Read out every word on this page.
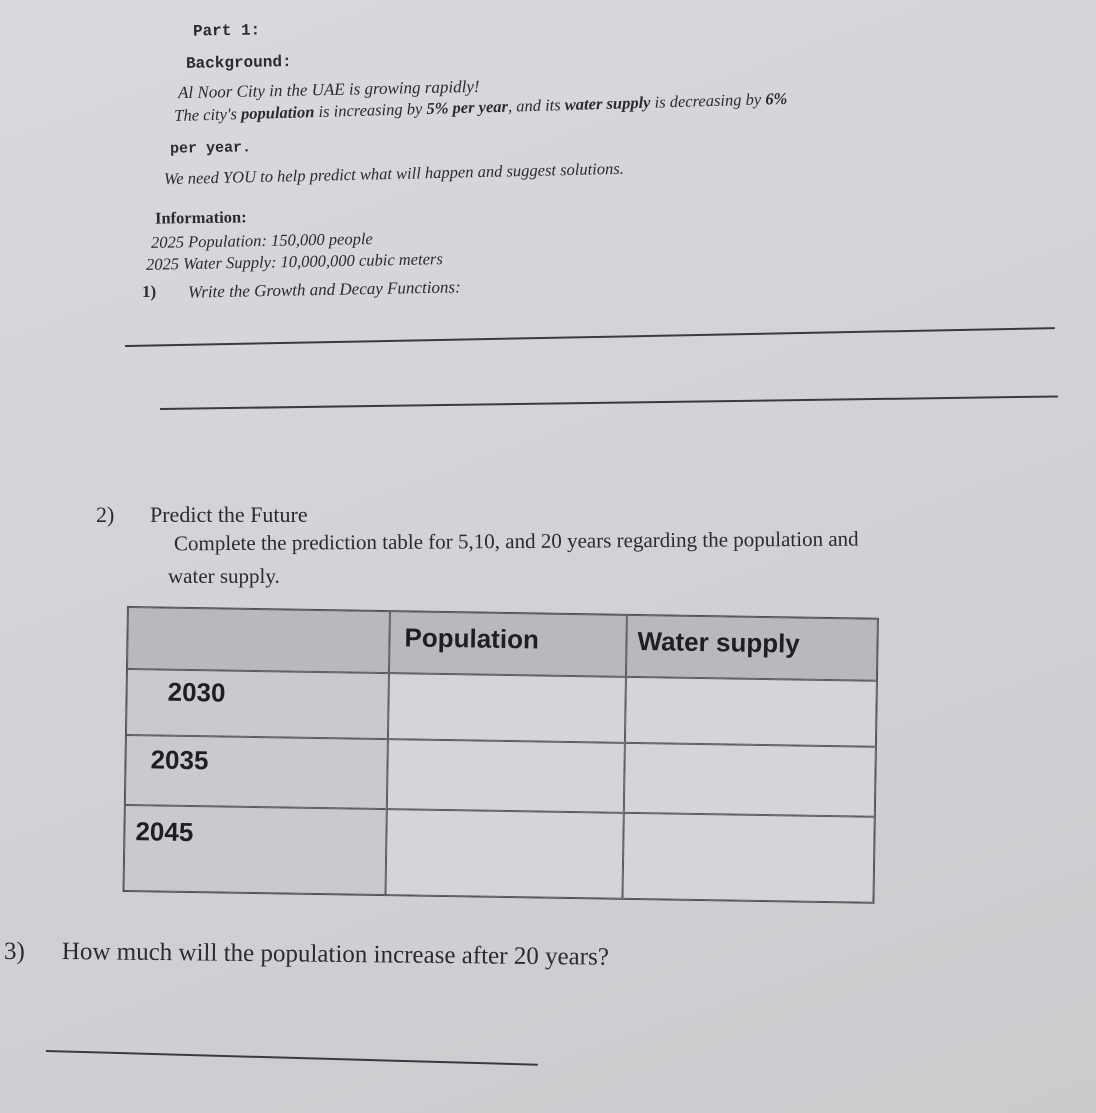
Part 1:
Background:
Al Noor City in the UAE is growing rapidly!
The city's population is increasing by 5% per year, and its water supply is decreasing by 6%
per year.
We need YOU to help predict what will happen and suggest solutions.
Information:
2025 Population: 150,000 people
2025 Water Supply: 10,000,000 cubic meters
1) Write the Growth and Decay Functions:
2) Predict the Future
Complete the prediction table for 5,10, and 20 years regarding the population and
water supply.
Population	Water supply
2030
2035
2045
3) How much will the population increase after 20 years?
